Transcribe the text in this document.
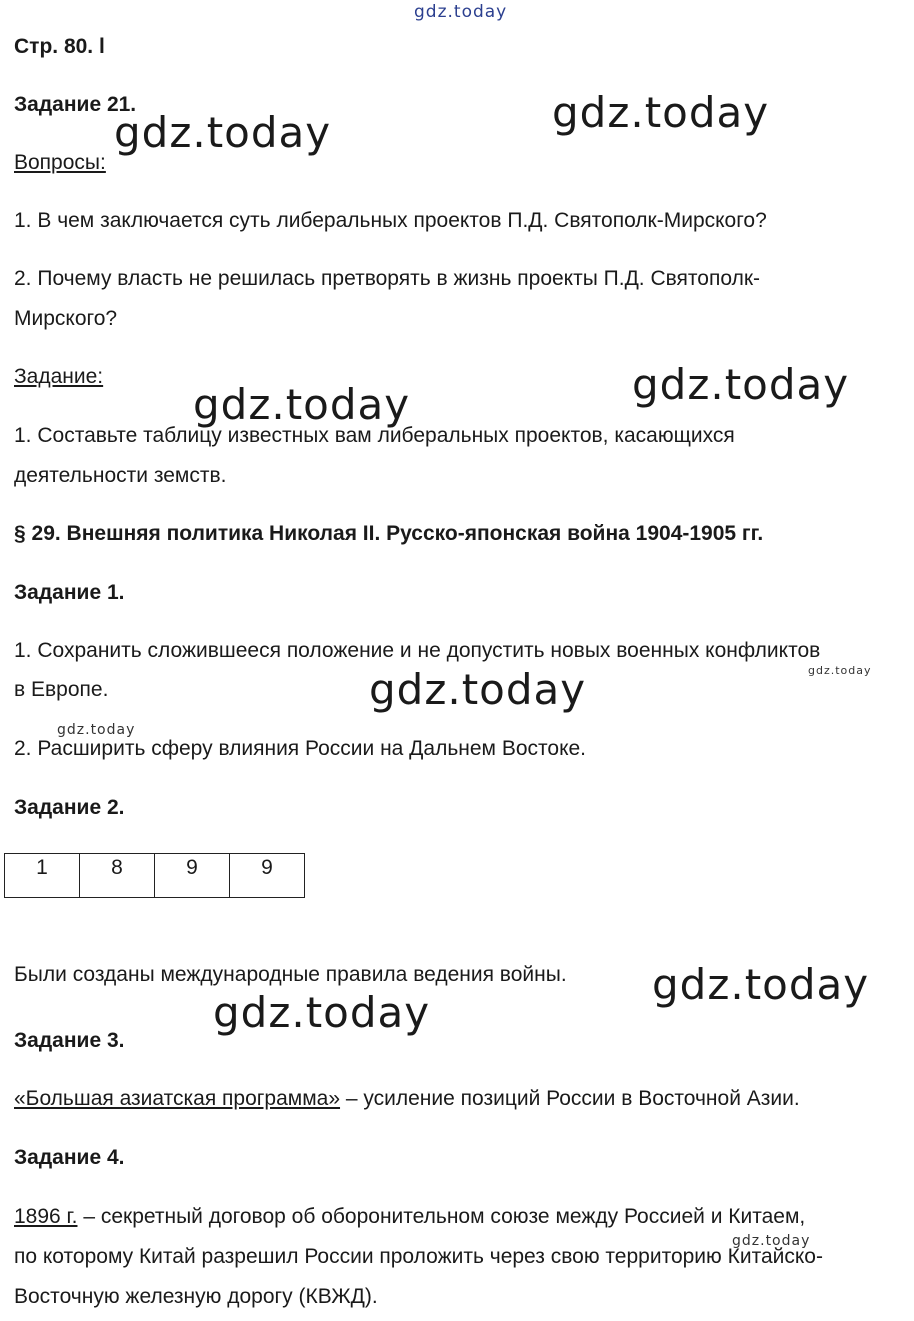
gdz.today
Стр. 80. l
Задание 21.
Вопросы:
1. В чем заключается суть либеральных проектов П.Д. Святополк-Мирского?
2. Почему власть не решилась претворять в жизнь проекты П.Д. Святополк-
Мирского?
Задание:
1. Составьте таблицу известных вам либеральных проектов, касающихся
деятельности земств.
§ 29. Внешняя политика Николая II. Русско-японская война 1904-1905 гг.
Задание 1.
1. Сохранить сложившееся положение и не допустить новых военных конфликтов
в Европе.
2. Расширить сферу влияния России на Дальнем Востоке.
Задание 2.
1	8	9	9
Были созданы международные правила ведения войны.
Задание 3.
«Большая азиатская программа» – усиление позиций России в Восточной Азии.
Задание 4.
1896 г. – секретный договор об оборонительном союзе между Россией и Китаем,
по которому Китай разрешил России проложить через свою территорию Китайско-
Восточную железную дорогу (КВЖД).
gdz.today
gdz.today
gdz.today
gdz.today
gdz.today
gdz.today
gdz.today
gdz.today
gdz.today
gdz.today
